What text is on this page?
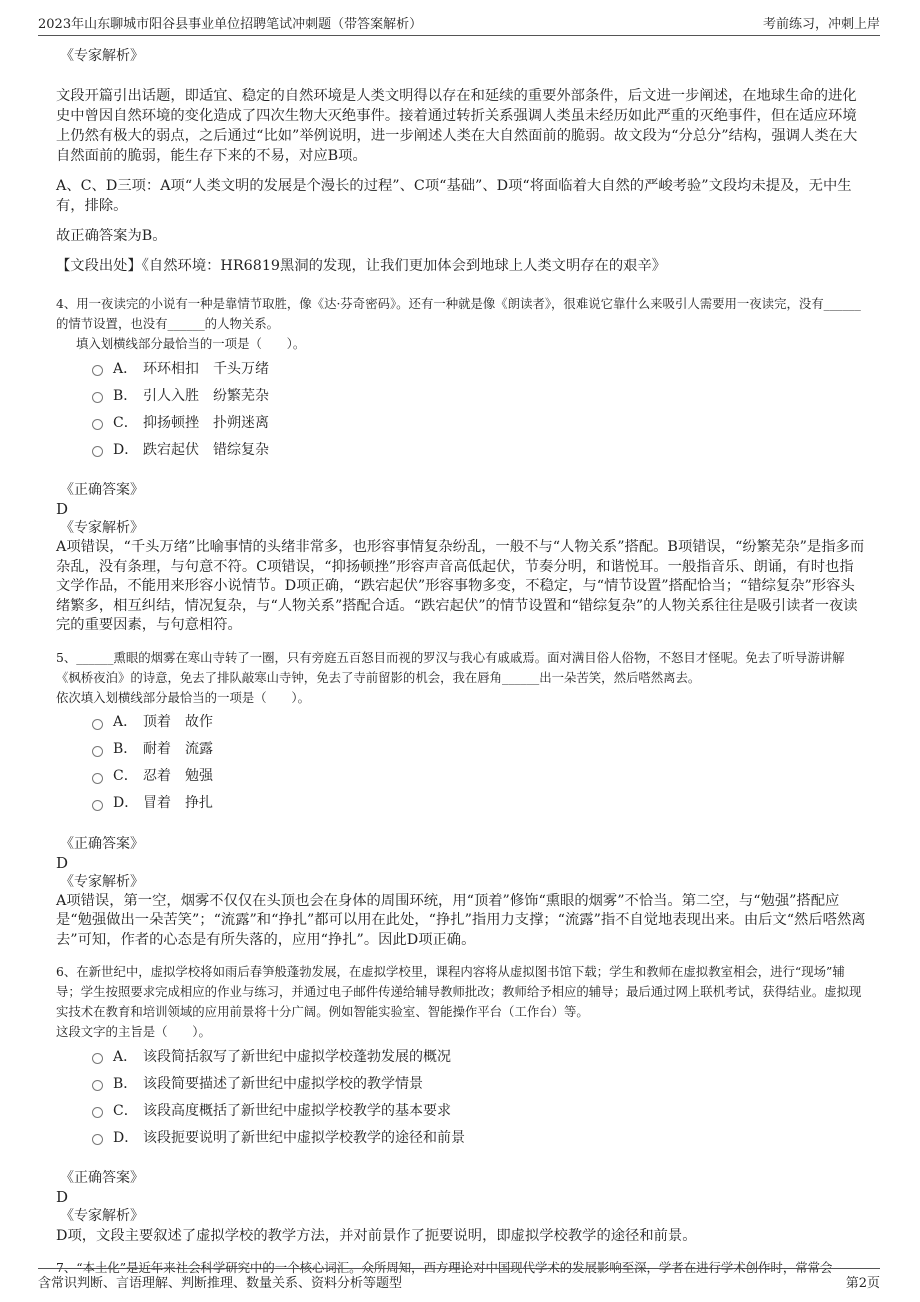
2023年山东聊城市阳谷县事业单位招聘笔试冲刺题（带答案解析）	考前练习，冲刺上岸

《专家解析》

文段开篇引出话题，即适宜、稳定的自然环境是人类文明得以存在和延续的重要外部条件，后文进一步阐述，在地球生命的进化史中曾因自然环境的变化造成了四次生物大灭绝事件。接着通过转折关系强调人类虽未经历如此严重的灭绝事件，但在适应环境上仍然有极大的弱点，之后通过“比如”举例说明，进一步阐述人类在大自然面前的脆弱。故文段为“分总分”结构，强调人类在大自然面前的脆弱，能生存下来的不易，对应B项。

A、C、D三项：A项“人类文明的发展是个漫长的过程”、C项“基础”、D项“将面临着大自然的严峻考验”文段均未提及，无中生有，排除。

故正确答案为B。

【文段出处】《自然环境：HR6819黑洞的发现，让我们更加体会到地球上人类文明存在的艰辛》

4、用一夜读完的小说有一种是靠情节取胜，像《达·芬奇密码》。还有一种就是像《朗读者》，很难说它靠什么来吸引人需要用一夜读完，没有______的情节设置，也没有______的人物关系。

填入划横线部分最恰当的一项是（　　）。

A． 环环相扣　千头万绪
B． 引人入胜　纷繁芜杂
C． 抑扬顿挫　扑朔迷离
D． 跌宕起伏　错综复杂

《正确答案》

D

《专家解析》

A项错误，“千头万绪”比喻事情的头绪非常多，也形容事情复杂纷乱，一般不与“人物关系”搭配。B项错误，“纷繁芜杂”是指多而杂乱，没有条理，与句意不符。C项错误，“抑扬顿挫”形容声音高低起伏，节奏分明，和谐悦耳。一般指音乐、朗诵，有时也指文学作品，不能用来形容小说情节。D项正确，“跌宕起伏”形容事物多变，不稳定，与“情节设置”搭配恰当；“错综复杂”形容头绪繁多，相互纠结，情况复杂，与“人物关系”搭配合适。“跌宕起伏”的情节设置和“错综复杂”的人物关系往往是吸引读者一夜读完的重要因素，与句意相符。

5、______熏眼的烟雾在寒山寺转了一圈，只有旁庭五百怒目而视的罗汉与我心有戚戚焉。面对满目俗人俗物，不怒目才怪呢。免去了听导游讲解《枫桥夜泊》的诗意，免去了排队敲寒山寺钟，免去了寺前留影的机会，我在唇角______出一朵苦笑，然后嗒然离去。

依次填入划横线部分最恰当的一项是（　　）。

A． 顶着　故作
B． 耐着　流露
C． 忍着　勉强
D． 冒着　挣扎

《正确答案》

D

《专家解析》

A项错误，第一空，烟雾不仅仅在头顶也会在身体的周围环统，用“顶着”修饰“熏眼的烟雾”不恰当。第二空，与“勉强”搭配应是“勉强做出一朵苦笑”；“流露”和“挣扎”都可以用在此处，“挣扎”指用力支撑；“流露”指不自觉地表现出来。由后文“然后嗒然离去”可知，作者的心态是有所失落的，应用“挣扎”。因此D项正确。

6、在新世纪中，虚拟学校将如雨后春笋般蓬勃发展，在虚拟学校里，课程内容将从虚拟图书馆下载；学生和教师在虚拟教室相会，进行“现场”辅导；学生按照要求完成相应的作业与练习，并通过电子邮件传递给辅导教师批改；教师给予相应的辅导；最后通过网上联机考试，获得结业。虚拟现实技术在教育和培训领域的应用前景将十分广阔。例如智能实验室、智能操作平台（工作台）等。

这段文字的主旨是（　　）。

A． 该段简括叙写了新世纪中虚拟学校蓬勃发展的概况
B． 该段简要描述了新世纪中虚拟学校的教学情景
C． 该段高度概括了新世纪中虚拟学校教学的基本要求
D． 该段扼要说明了新世纪中虚拟学校教学的途径和前景

《正确答案》

D

《专家解析》

D项，文段主要叙述了虚拟学校的教学方法，并对前景作了扼要说明，即虚拟学校教学的途径和前景。

7、“本土化”是近年来社会科学研究中的一个核心词汇。众所周知，西方理论对中国现代学术的发展影响至深，学者在进行学术创作时，常常会

含常识判断、言语理解、判断推理、数量关系、资料分析等题型	第2页
